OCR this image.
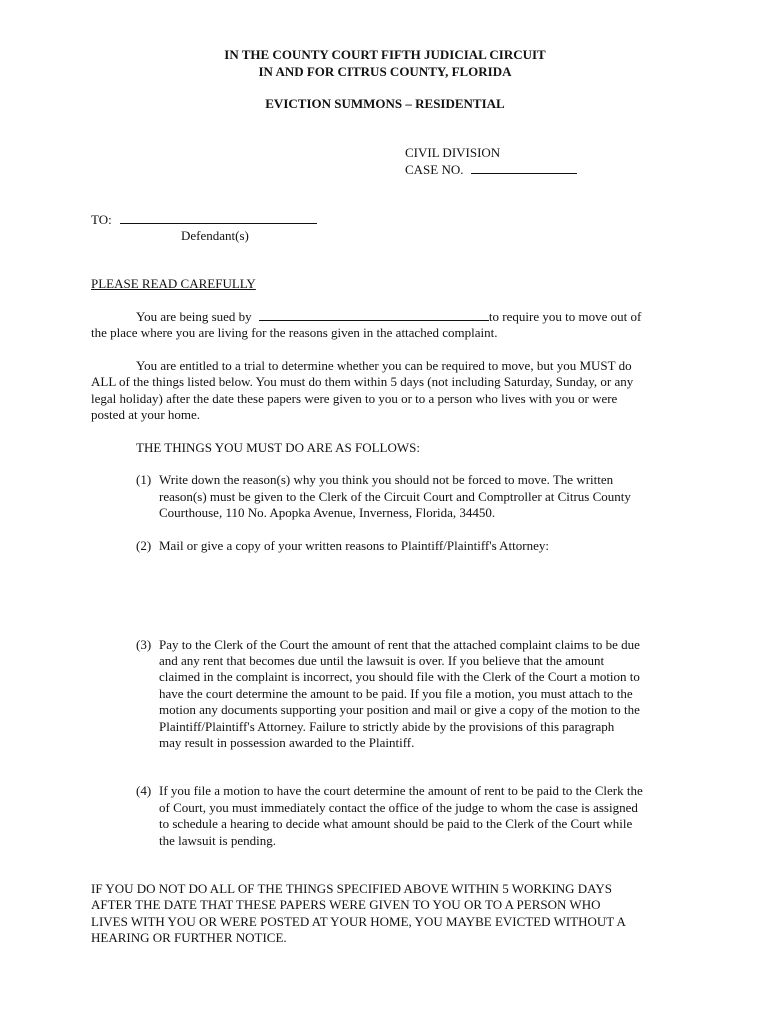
IN THE COUNTY COURT FIFTH JUDICIAL CIRCUIT
IN AND FOR CITRUS COUNTY, FLORIDA
EVICTION SUMMONS – RESIDENTIAL
CIVIL DIVISION
CASE NO.
TO:
Defendant(s)
PLEASE READ CAREFULLY
You are being sued by	to require you to move out of
the place where you are living for the reasons given in the attached complaint.
You are entitled to a trial to determine whether you can be required to move, but you MUST do
ALL of the things listed below. You must do them within 5 days (not including Saturday, Sunday, or any
legal holiday) after the date these papers were given to you or to a person who lives with you or were
posted at your home.
THE THINGS YOU MUST DO ARE AS FOLLOWS:
(1) Write down the reason(s) why you think you should not be forced to move. The written
reason(s) must be given to the Clerk of the Circuit Court and Comptroller at Citrus County
Courthouse, 110 No. Apopka Avenue, Inverness, Florida, 34450.
(2) Mail or give a copy of your written reasons to Plaintiff/Plaintiff's Attorney:
(3) Pay to the Clerk of the Court the amount of rent that the attached complaint claims to be due
and any rent that becomes due until the lawsuit is over. If you believe that the amount
claimed in the complaint is incorrect, you should file with the Clerk of the Court a motion to
have the court determine the amount to be paid. If you file a motion, you must attach to the
motion any documents supporting your position and mail or give a copy of the motion to the
Plaintiff/Plaintiff's Attorney. Failure to strictly abide by the provisions of this paragraph
may result in possession awarded to the Plaintiff.
(4) If you file a motion to have the court determine the amount of rent to be paid to the Clerk the
of Court, you must immediately contact the office of the judge to whom the case is assigned
to schedule a hearing to decide what amount should be paid to the Clerk of the Court while
the lawsuit is pending.
IF YOU DO NOT DO ALL OF THE THINGS SPECIFIED ABOVE WITHIN 5 WORKING DAYS
AFTER THE DATE THAT THESE PAPERS WERE GIVEN TO YOU OR TO A PERSON WHO
LIVES WITH YOU OR WERE POSTED AT YOUR HOME, YOU MAYBE EVICTED WITHOUT A
HEARING OR FURTHER NOTICE.
